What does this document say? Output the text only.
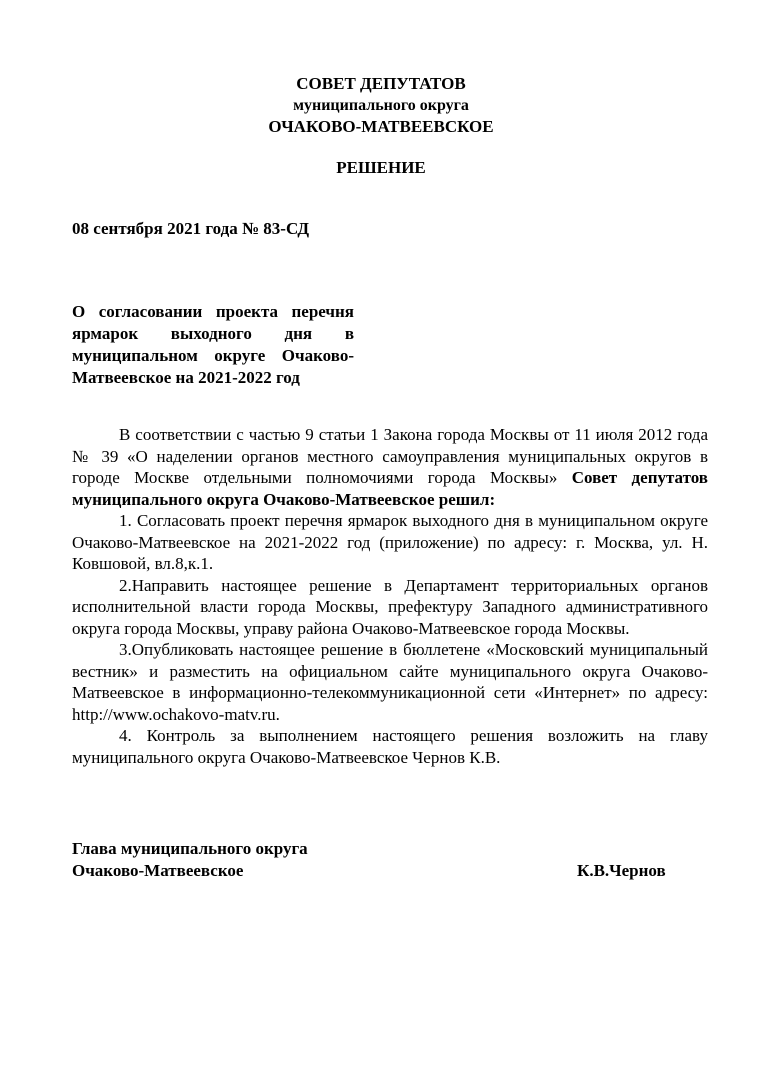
СОВЕТ ДЕПУТАТОВ
муниципального округа
ОЧАКОВО-МАТВЕЕВСКОЕ
РЕШЕНИЕ
08 сентября 2021 года № 83-СД
О согласовании проекта перечня ярмарок выходного дня в муниципальном округе Очаково-Матвеевское на 2021-2022 год

В соответствии с частью 9 статьи 1 Закона города Москвы от 11 июля 2012 года № 39 «О наделении органов местного самоуправления муниципальных округов в городе Москве отдельными полномочиями города Москвы» Совет депутатов муниципального округа Очаково-Матвеевское решил:

1. Согласовать проект перечня ярмарок выходного дня в муниципальном округе Очаково-Матвеевское на 2021-2022 год (приложение) по адресу: г. Москва, ул. Н. Ковшовой, вл.8,к.1.

2.Направить настоящее решение в Департамент территориальных органов исполнительной власти города Москвы, префектуру Западного административного округа города Москвы, управу района Очаково-Матвеевское города Москвы.

3.Опубликовать настоящее решение в бюллетене «Московский муниципальный вестник» и разместить на официальном сайте муниципального округа Очаково-Матвеевское в информационно-телекоммуникационной сети «Интернет» по адресу: http://www.ochakovo-matv.ru.

4. Контроль за выполнением настоящего решения возложить на главу муниципального округа Очаково-Матвеевское Чернов К.В.

Глава муниципального округа
Очаково-Матвеевское	К.В.Чернов
